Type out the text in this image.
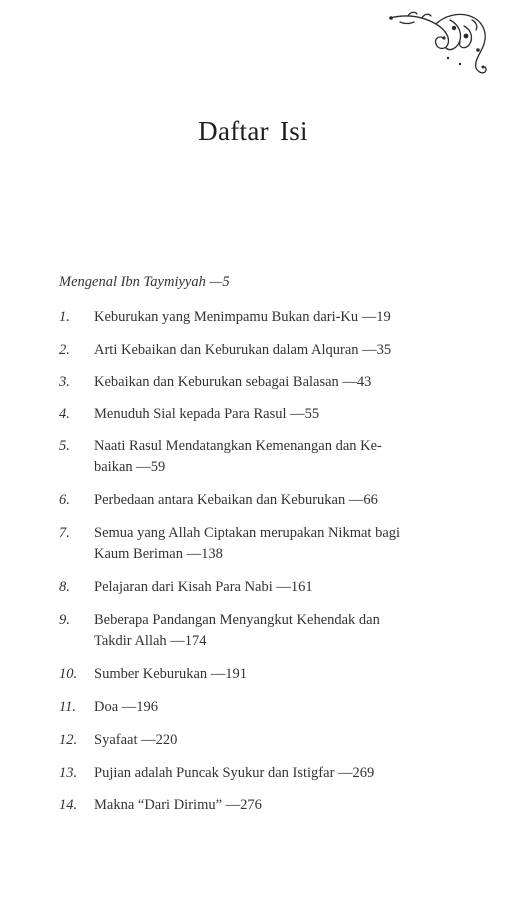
Daftar Isi
Mengenal Ibn Taymiyyah —5
1.	Keburukan yang Menimpamu Bukan dari-Ku —19
2.	Arti Kebaikan dan Keburukan dalam Alquran —35
3.	Kebaikan dan Keburukan sebagai Balasan —43
4.	Menuduh Sial kepada Para Rasul —55
5.	Naati Rasul Mendatangkan Kemenangan dan Ke-
baikan —59
6.	Perbedaan antara Kebaikan dan Keburukan —66
7.	Semua yang Allah Ciptakan merupakan Nikmat bagi
Kaum Beriman —138
8.	Pelajaran dari Kisah Para Nabi —161
9.	Beberapa Pandangan Menyangkut Kehendak dan
Takdir Allah —174
10.	Sumber Keburukan —191
11.	Doa —196
12.	Syafaat —220
13.	Pujian adalah Puncak Syukur dan Istigfar —269
14.	Makna “Dari Dirimu” —276
